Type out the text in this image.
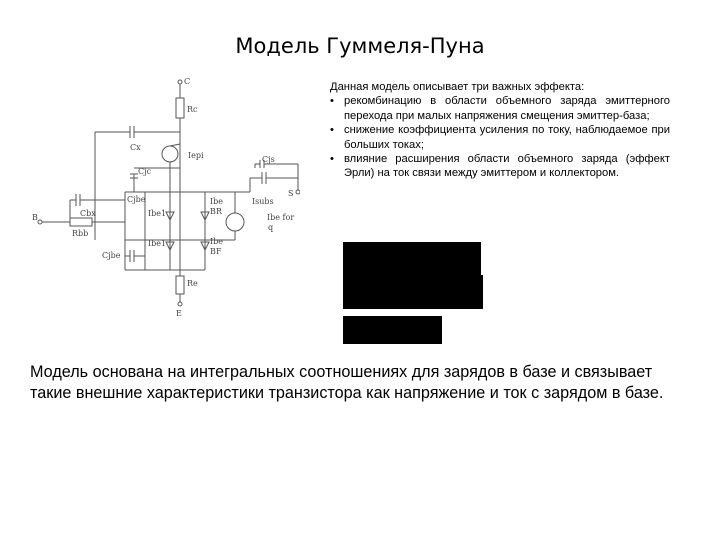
Модель Гуммеля-Пуна
C
Rc
Cx
Iepi
Cjc
Cjs
Isubs
Ibe for
q
S
B	Cbx
Rbb
Cjbe
Ibe1
Ibe
BR
Ibe1	Ibe
BF
Cjbe
Re
E

Данная модель описывает три важных эффекта:

• рекомбинацию в области объемного заряда эмиттерного перехода при малых напряжения смещения эмиттер-база;
• снижение коэффициента усиления по току, наблюдаемое при больших токах;
• влияние расширения области объемного заряда (эффект Эрли) на ток связи между эмиттером и коллектором.
Модель основана на интегральных соотношениях для зарядов в базе и связывает такие внешние характеристики транзистора как напряжение и ток с зарядом в базе.
